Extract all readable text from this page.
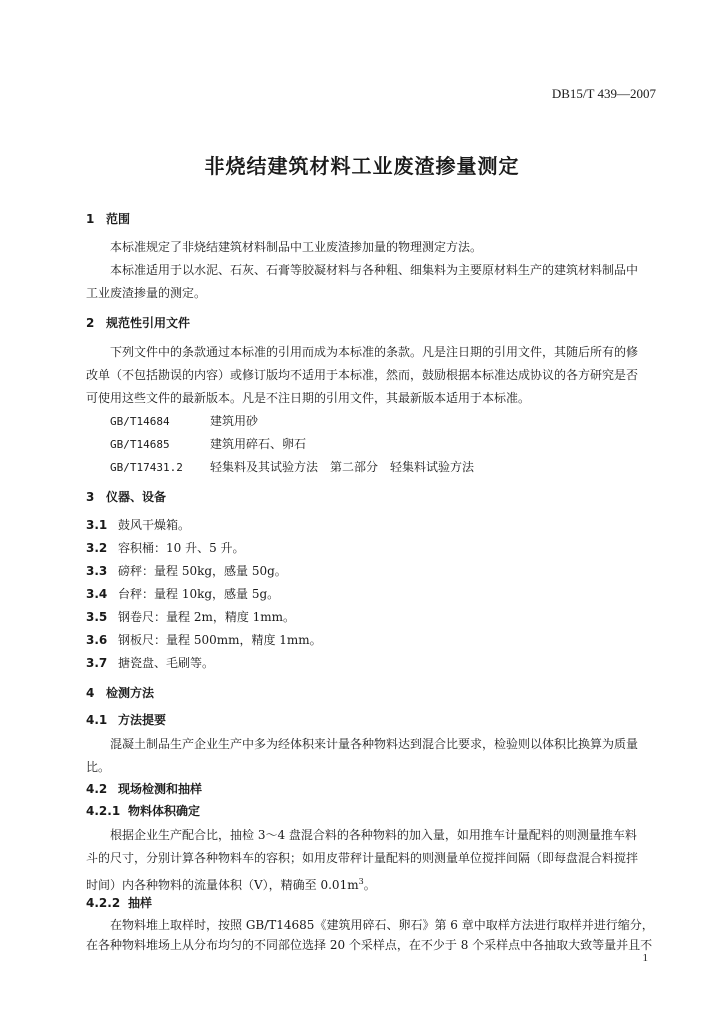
DB15/T 439—2007
非烧结建筑材料工业废渣掺量测定
1 范围
本标准规定了非烧结建筑材料制品中工业废渣掺加量的物理测定方法。
本标准适用于以水泥、石灰、石膏等胶凝材料与各种粗、细集料为主要原材料生产的建筑材料制品中
工业废渣掺量的测定。
2 规范性引用文件
下列文件中的条款通过本标准的引用而成为本标准的条款。凡是注日期的引用文件，其随后所有的修
改单（不包括勘误的内容）或修订版均不适用于本标准，然而，鼓励根据本标准达成协议的各方研究是否
可使用这些文件的最新版本。凡是不注日期的引用文件，其最新版本适用于本标准。
GB/T14684	建筑用砂
GB/T14685	建筑用碎石、卵石
GB/T17431.2 轻集料及其试验方法　第二部分　轻集料试验方法
3 仪器、设备
3.1 鼓风干燥箱。
3.2 容积桶：10 升、5 升。
3.3 磅秤：量程 50kg，感量 50g。
3.4 台秤：量程 10kg，感量 5g。
3.5 钢卷尺：量程 2m，精度 1mm。
3.6 钢板尺：量程 500mm，精度 1mm。
3.7 搪瓷盘、毛刷等。
4 检测方法
4.1 方法提要
混凝土制品生产企业生产中多为经体积来计量各种物料达到混合比要求，检验则以体积比换算为质量
比。
4.2 现场检测和抽样
4.2.1 物料体积确定
根据企业生产配合比，抽检 3～4 盘混合料的各种物料的加入量，如用推车计量配料的则测量推车料
斗的尺寸，分别计算各种物料车的容积；如用皮带秤计量配料的则测量单位搅拌间隔（即每盘混合料搅拌
时间）内各种物料的流量体积（V），精确至 $0.01m^3$。
4.2.2 抽样
在物料堆上取样时，按照 GB/T14685《建筑用碎石、卵石》第 6 章中取样方法进行取样并进行缩分，
在各种物料堆场上从分布均匀的不同部位选择 20 个采样点，在不少于 8 个采样点中各抽取大致等量并且不
1
